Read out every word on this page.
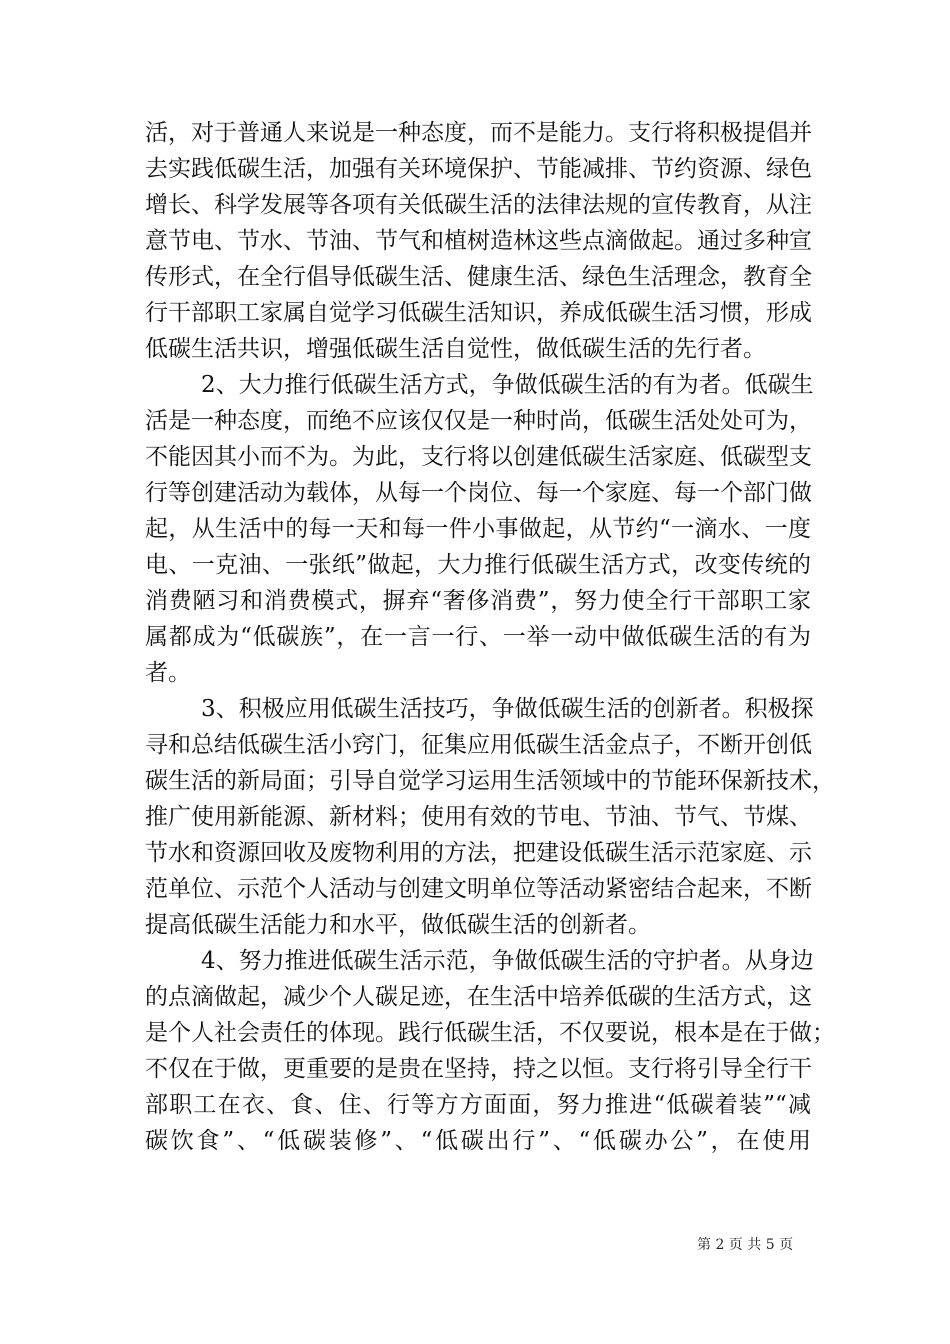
活，对于普通人来说是一种态度，而不是能力。支行将积极提倡并
去实践低碳生活，加强有关环境保护、节能减排、节约资源、绿色
增长、科学发展等各项有关低碳生活的法律法规的宣传教育，从注
意节电、节水、节油、节气和植树造林这些点滴做起。通过多种宣
传形式，在全行倡导低碳生活、健康生活、绿色生活理念，教育全
行干部职工家属自觉学习低碳生活知识，养成低碳生活习惯，形成
低碳生活共识，增强低碳生活自觉性，做低碳生活的先行者。
2、大力推行低碳生活方式，争做低碳生活的有为者。低碳生
活是一种态度，而绝不应该仅仅是一种时尚，低碳生活处处可为，
不能因其小而不为。为此，支行将以创建低碳生活家庭、低碳型支
行等创建活动为载体，从每一个岗位、每一个家庭、每一个部门做
起，从生活中的每一天和每一件小事做起，从节约“一滴水、一度
电、一克油、一张纸”做起，大力推行低碳生活方式，改变传统的
消费陋习和消费模式，摒弃“奢侈消费”，努力使全行干部职工家
属都成为“低碳族”，在一言一行、一举一动中做低碳生活的有为
者。
3、积极应用低碳生活技巧，争做低碳生活的创新者。积极探
寻和总结低碳生活小窍门，征集应用低碳生活金点子，不断开创低
碳生活的新局面；引导自觉学习运用生活领域中的节能环保新技术，
推广使用新能源、新材料；使用有效的节电、节油、节气、节煤、
节水和资源回收及废物利用的方法，把建设低碳生活示范家庭、示
范单位、示范个人活动与创建文明单位等活动紧密结合起来，不断
提高低碳生活能力和水平，做低碳生活的创新者。
4、努力推进低碳生活示范，争做低碳生活的守护者。从身边
的点滴做起，减少个人碳足迹，在生活中培养低碳的生活方式，这
是个人社会责任的体现。践行低碳生活，不仅要说，根本是在于做；
不仅在于做，更重要的是贵在坚持，持之以恒。支行将引导全行干
部职工在衣、食、住、行等方方面面，努力推进“低碳着装”“减
碳饮食”、“低碳装修”、“低碳出行”、“低碳办公”，在使用
第 2 页 共 5 页
